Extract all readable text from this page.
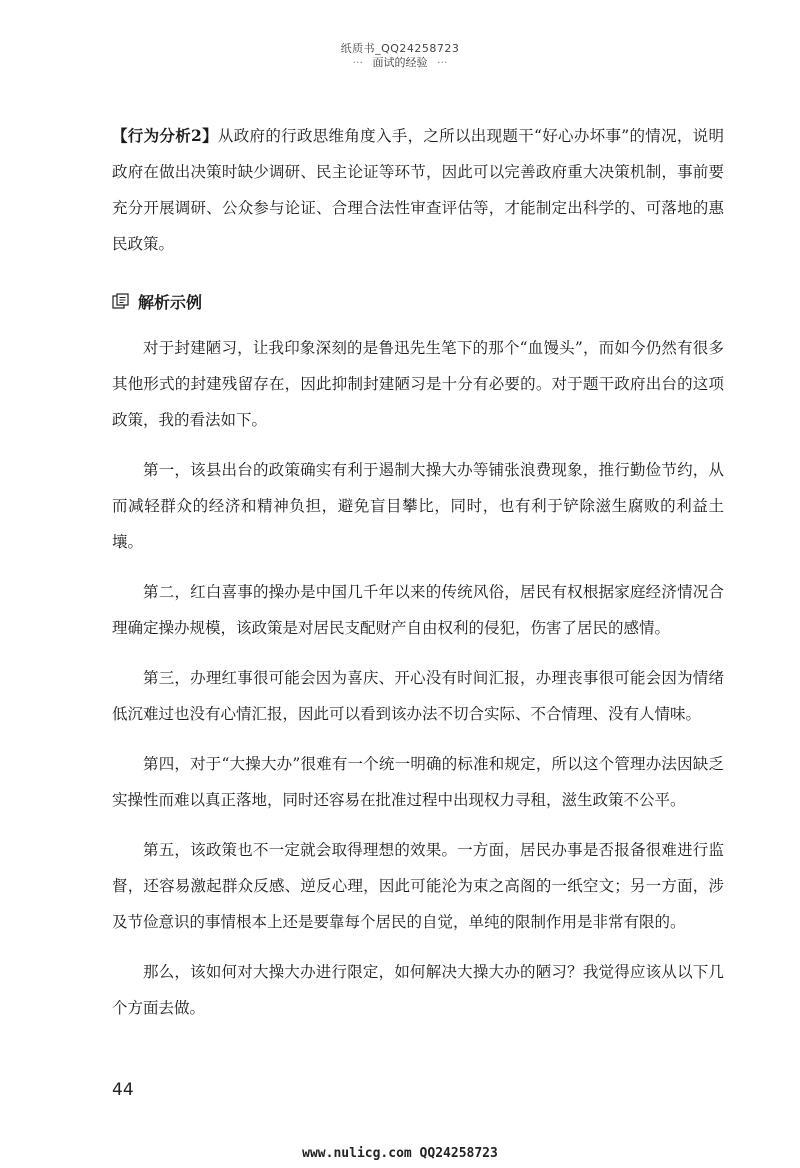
纸质书_QQ24258723
··· 面试的经验 ···

【行为分析2】从政府的行政思维角度入手，之所以出现题干“好心办坏事”的情况，说明政府在做出决策时缺少调研、民主论证等环节，因此可以完善政府重大决策机制，事前要充分开展调研、公众参与论证、合理合法性审查评估等，才能制定出科学的、可落地的惠民政策。

解析示例

对于封建陋习，让我印象深刻的是鲁迅先生笔下的那个“血馒头”，而如今仍然有很多其他形式的封建残留存在，因此抑制封建陋习是十分有必要的。对于题干政府出台的这项政策，我的看法如下。

第一，该县出台的政策确实有利于遏制大操大办等铺张浪费现象，推行勤俭节约，从而减轻群众的经济和精神负担，避免盲目攀比，同时，也有利于铲除滋生腐败的利益土壤。

第二，红白喜事的操办是中国几千年以来的传统风俗，居民有权根据家庭经济情况合理确定操办规模，该政策是对居民支配财产自由权利的侵犯，伤害了居民的感情。

第三，办理红事很可能会因为喜庆、开心没有时间汇报，办理丧事很可能会因为情绪低沉难过也没有心情汇报，因此可以看到该办法不切合实际、不合情理、没有人情味。

第四，对于“大操大办”很难有一个统一明确的标准和规定，所以这个管理办法因缺乏实操性而难以真正落地，同时还容易在批准过程中出现权力寻租，滋生政策不公平。

第五，该政策也不一定就会取得理想的效果。一方面，居民办事是否报备很难进行监督，还容易激起群众反感、逆反心理，因此可能沦为束之高阁的一纸空文；另一方面，涉及节俭意识的事情根本上还是要靠每个居民的自觉，单纯的限制作用是非常有限的。

那么，该如何对大操大办进行限定，如何解决大操大办的陋习？我觉得应该从以下几个方面去做。

44
www.nulicg.com QQ24258723
